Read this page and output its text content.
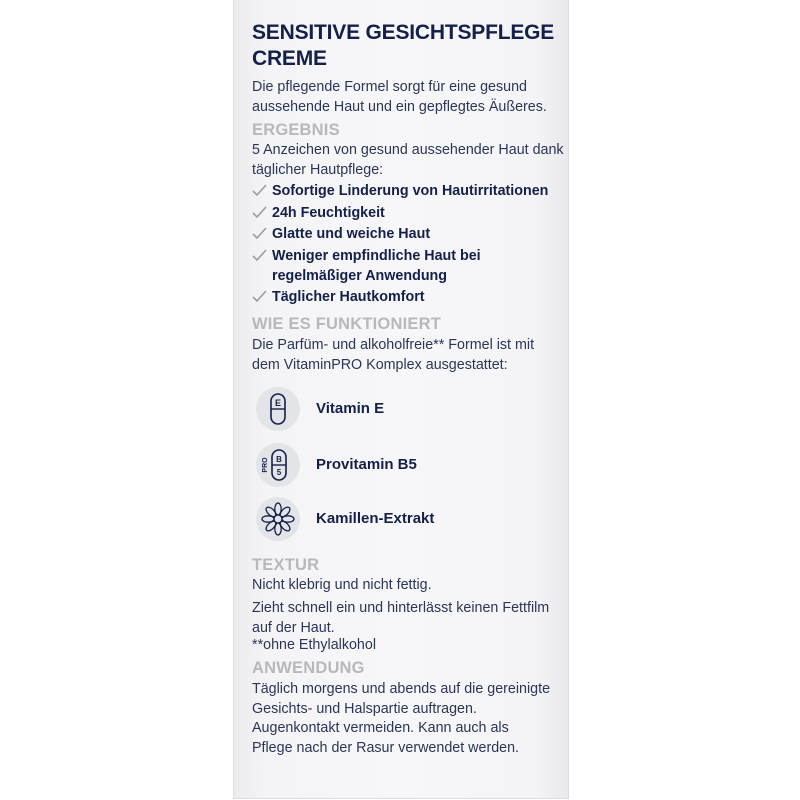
SENSITIVE GESICHTSPFLEGE CREME

Die pflegende Formel sorgt für eine gesund aussehende Haut und ein gepflegtes Äußeres.

ERGEBNIS

5 Anzeichen von gesund aussehender Haut dank täglicher Hautpflege:

Sofortige Linderung von Hautirritationen
24h Feuchtigkeit
Glatte und weiche Haut
Weniger empfindliche Haut bei regelmäßiger Anwendung
Täglicher Hautkomfort
WIE ES FUNKTIONIERT

Die Parfüm- und alkoholfreie** Formel ist mit dem VitaminPRO Komplex ausgestattet:

E Vitamin E
PRO B
5 Provitamin B5
Kamillen-Extrakt
TEXTUR

Nicht klebrig und nicht fettig.

Zieht schnell ein und hinterlässt keinen Fettfilm auf der Haut.

**ohne Ethylalkohol

ANWENDUNG

Täglich morgens und abends auf die gereinigte Gesichts- und Halspartie auftragen. Augenkontakt vermeiden. Kann auch als Pflege nach der Rasur verwendet werden.
